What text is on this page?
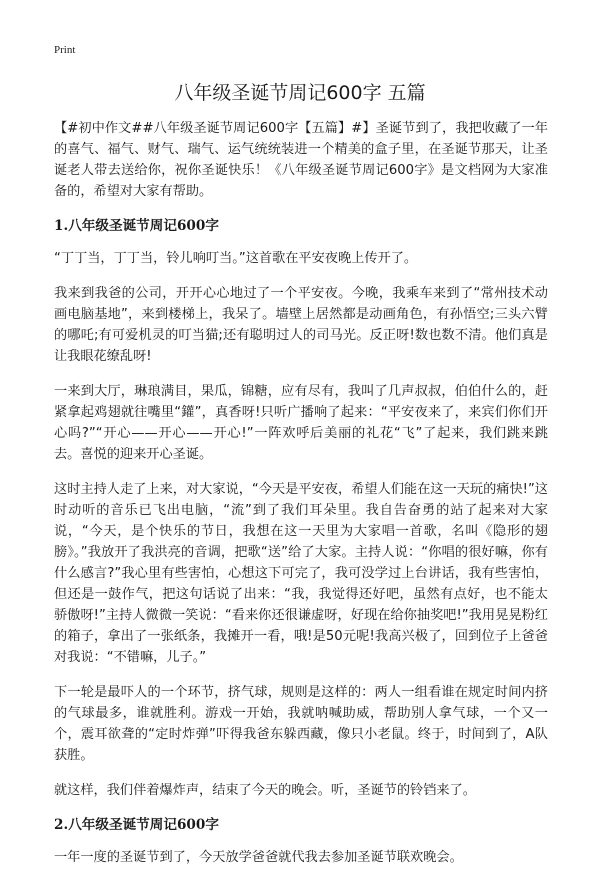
Print
八年级圣诞节周记600字 五篇

【#初中作文##八年级圣诞节周记600字【五篇】#】圣诞节到了，我把收藏了一年的喜气、福气、财气、瑞气、运气统统装进一个精美的盒子里，在圣诞节那天，让圣诞老人带去送给你，祝你圣诞快乐！《八年级圣诞节周记600字》是文档网为大家准备的，希望对大家有帮助。

1.八年级圣诞节周记600字

“丁丁当，丁丁当，铃儿响叮当。”这首歌在平安夜晚上传开了。

我来到我爸的公司，开开心心地过了一个平安夜。今晚，我乘车来到了“常州技术动画电脑基地”，来到楼梯上，我呆了。墙壁上居然都是动画角色，有孙悟空;三头六臂的哪吒;有可爱机灵的叮当猫;还有聪明过人的司马光。反正呀!数也数不清。他们真是让我眼花缭乱呀!

一来到大厅，琳琅满目，果瓜，锦糖，应有尽有，我叫了几声叔叔，伯伯什么的，赶紧拿起鸡翅就往嘴里“鑵”，真香呀!只听广播响了起来：“平安夜来了，来宾们你们开心吗?”“开心——开心——开心!”一阵欢呼后美丽的礼花“飞”了起来，我们跳来跳去。喜悦的迎来开心圣诞。

这时主持人走了上来，对大家说，“今天是平安夜，希望人们能在这一天玩的痛快!”这时动听的音乐已飞出电脑，“流”到了我们耳朵里。我自告奋勇的站了起来对大家说，“今天，是个快乐的节日，我想在这一天里为大家唱一首歌，名叫《隐形的翅膀》。”我放开了我洪亮的音调，把歌“送”给了大家。主持人说：“你唱的很好嘛，你有什么感言?”我心里有些害怕，心想这下可完了，我可没学过上台讲话，我有些害怕，但还是一鼓作气，把这句话说了出来：“我，我觉得还好吧，虽然有点好，也不能太骄傲呀!”主持人微微一笑说：“看来你还很谦虚呀，好现在给你抽奖吧!”我用晃晃粉红的箱子，拿出了一张纸条，我摊开一看，哦!是50元呢!我高兴极了，回到位子上爸爸对我说：“不错嘛，儿子。”

下一轮是最吓人的一个环节，挤气球，规则是这样的：两人一组看谁在规定时间内挤的气球最多，谁就胜利。游戏一开始，我就呐喊助威，帮助别人拿气球，一个又一个，震耳欲聋的“定时炸弹”吓得我爸东躲西藏，像只小老鼠。终于，时间到了，A队获胜。

就这样，我们伴着爆炸声，结束了今天的晚会。听，圣诞节的铃铛来了。

2.八年级圣诞节周记600字

一年一度的圣诞节到了，今天放学爸爸就代我去参加圣诞节联欢晚会。
